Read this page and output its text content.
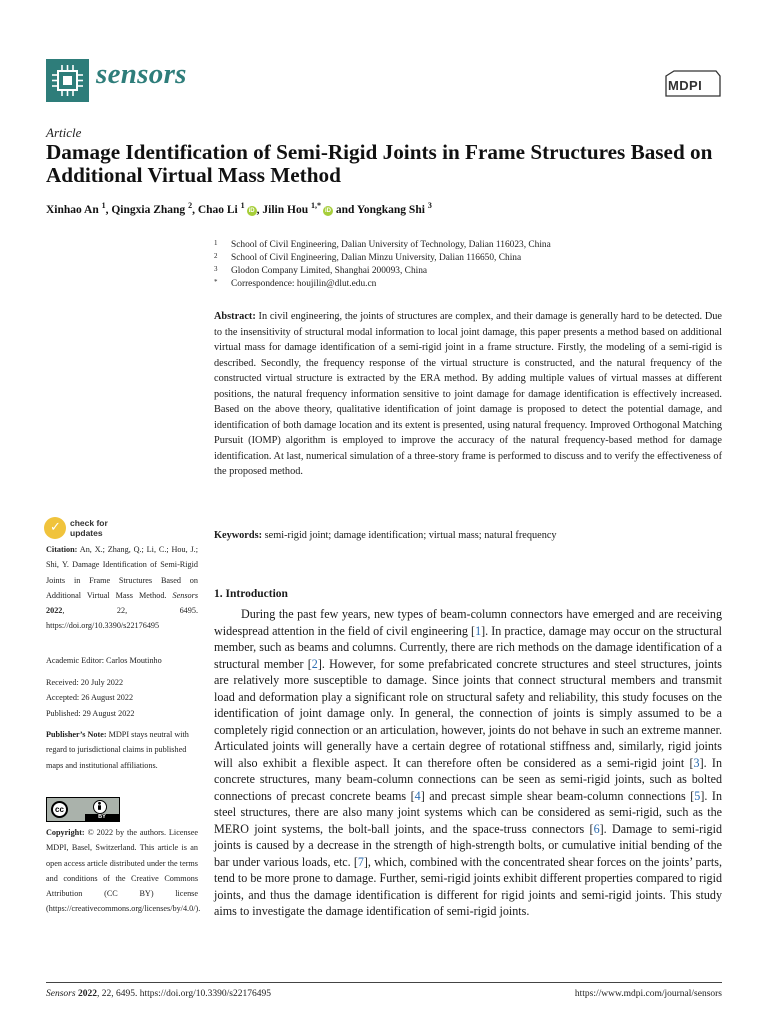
sensors	MDPI
Article
Damage Identification of Semi-Rigid Joints in Frame Structures Based on Additional Virtual Mass Method
Xinhao An $^1$, Qingxia Zhang $^2$, Chao Li $^1$iD , Jilin Hou $^{1,*}$iD and Yongkang Shi $^3$
1	School of Civil Engineering, Dalian University of Technology, Dalian 116023, China
2	School of Civil Engineering, Dalian Minzu University, Dalian 116650, China
3	Glodon Company Limited, Shanghai 200093, China
*	Correspondence: houjilin@dlut.edu.cn
Abstract: In civil engineering, the joints of structures are complex, and their damage is generally hard to be detected. Due to the insensitivity of structural modal information to local joint damage, this paper presents a method based on additional virtual mass for damage identification of a semi-rigid joint in a frame structure. Firstly, the modeling of a semi-rigid is described. Secondly, the frequency response of the virtual structure is constructed, and the natural frequency of the constructed virtual structure is extracted by the ERA method. By adding multiple values of virtual masses at different positions, the natural frequency information sensitive to joint damage for damage identification is effectively increased. Based on the above theory, qualitative identification of joint damage is proposed to detect the potential damage, and identification of both damage location and its extent is presented, using natural frequency. Improved Orthogonal Matching Pursuit (IOMP) algorithm is employed to improve the accuracy of the natural frequency-based method for damage identification. At last, numerical simulation of a three-story frame is performed to discuss and to verify the effectiveness of the proposed method.
Keywords: semi-rigid joint; damage identification; virtual mass; natural frequency
✓ check for
updates
Citation: An, X.; Zhang, Q.; Li, C.; Hou, J.; Shi, Y. Damage Identification of Semi-Rigid Joints in Frame Structures Based on Additional Virtual Mass Method. Sensors 2022, 22, 6495. https://doi.org/10.3390/s22176495
Academic Editor: Carlos Moutinho
Received: 20 July 2022
Accepted: 26 August 2022
Published: 29 August 2022
Publisher’s Note: MDPI stays neutral with regard to jurisdictional claims in published maps and institutional affiliations.
cc
BY
Copyright: © 2022 by the authors. Licensee MDPI, Basel, Switzerland. This article is an open access article distributed under the terms and conditions of the Creative Commons Attribution (CC BY) license (https://creativecommons.org/licenses/by/4.0/).
1. Introduction
During the past few years, new types of beam-column connectors have emerged and are receiving widespread attention in the field of civil engineering [1]. In practice, damage may occur on the structural member, such as beams and columns. Currently, there are rich methods on the damage identification of a structural member [2]. However, for some prefabricated concrete structures and steel structures, joints are relatively more susceptible to damage. Since joints that connect structural members and transmit load and deformation play a significant role on structural safety and reliability, this study focuses on the identification of joint damage only. In general, the connection of joints is simply assumed to be a completely rigid connection or an articulation, however, joints do not behave in such an extreme manner. Articulated joints will generally have a certain degree of rotational stiffness and, similarly, rigid joints will also exhibit a flexible aspect. It can therefore often be considered as a semi-rigid joint [3]. In concrete structures, many beam-column connections can be seen as semi-rigid joints, such as bolted connections of precast concrete beams [4] and precast simple shear beam-column connections [5]. In steel structures, there are also many joint systems which can be considered as semi-rigid, such as the MERO joint systems, the bolt-ball joints, and the space-truss connectors [6]. Damage to semi-rigid joints is caused by a decrease in the strength of high-strength bolts, or cumulative initial bending of the bar under various loads, etc. [7], which, combined with the concentrated shear forces on the joints’ parts, tend to be more prone to damage. Further, semi-rigid joints exhibit different properties compared to rigid joints, and thus the damage identification is different for rigid joints and semi-rigid joints. This study aims to investigate the damage identification of semi-rigid joints.
Sensors 2022, 22, 6495. https://doi.org/10.3390/s22176495	https://www.mdpi.com/journal/sensors
